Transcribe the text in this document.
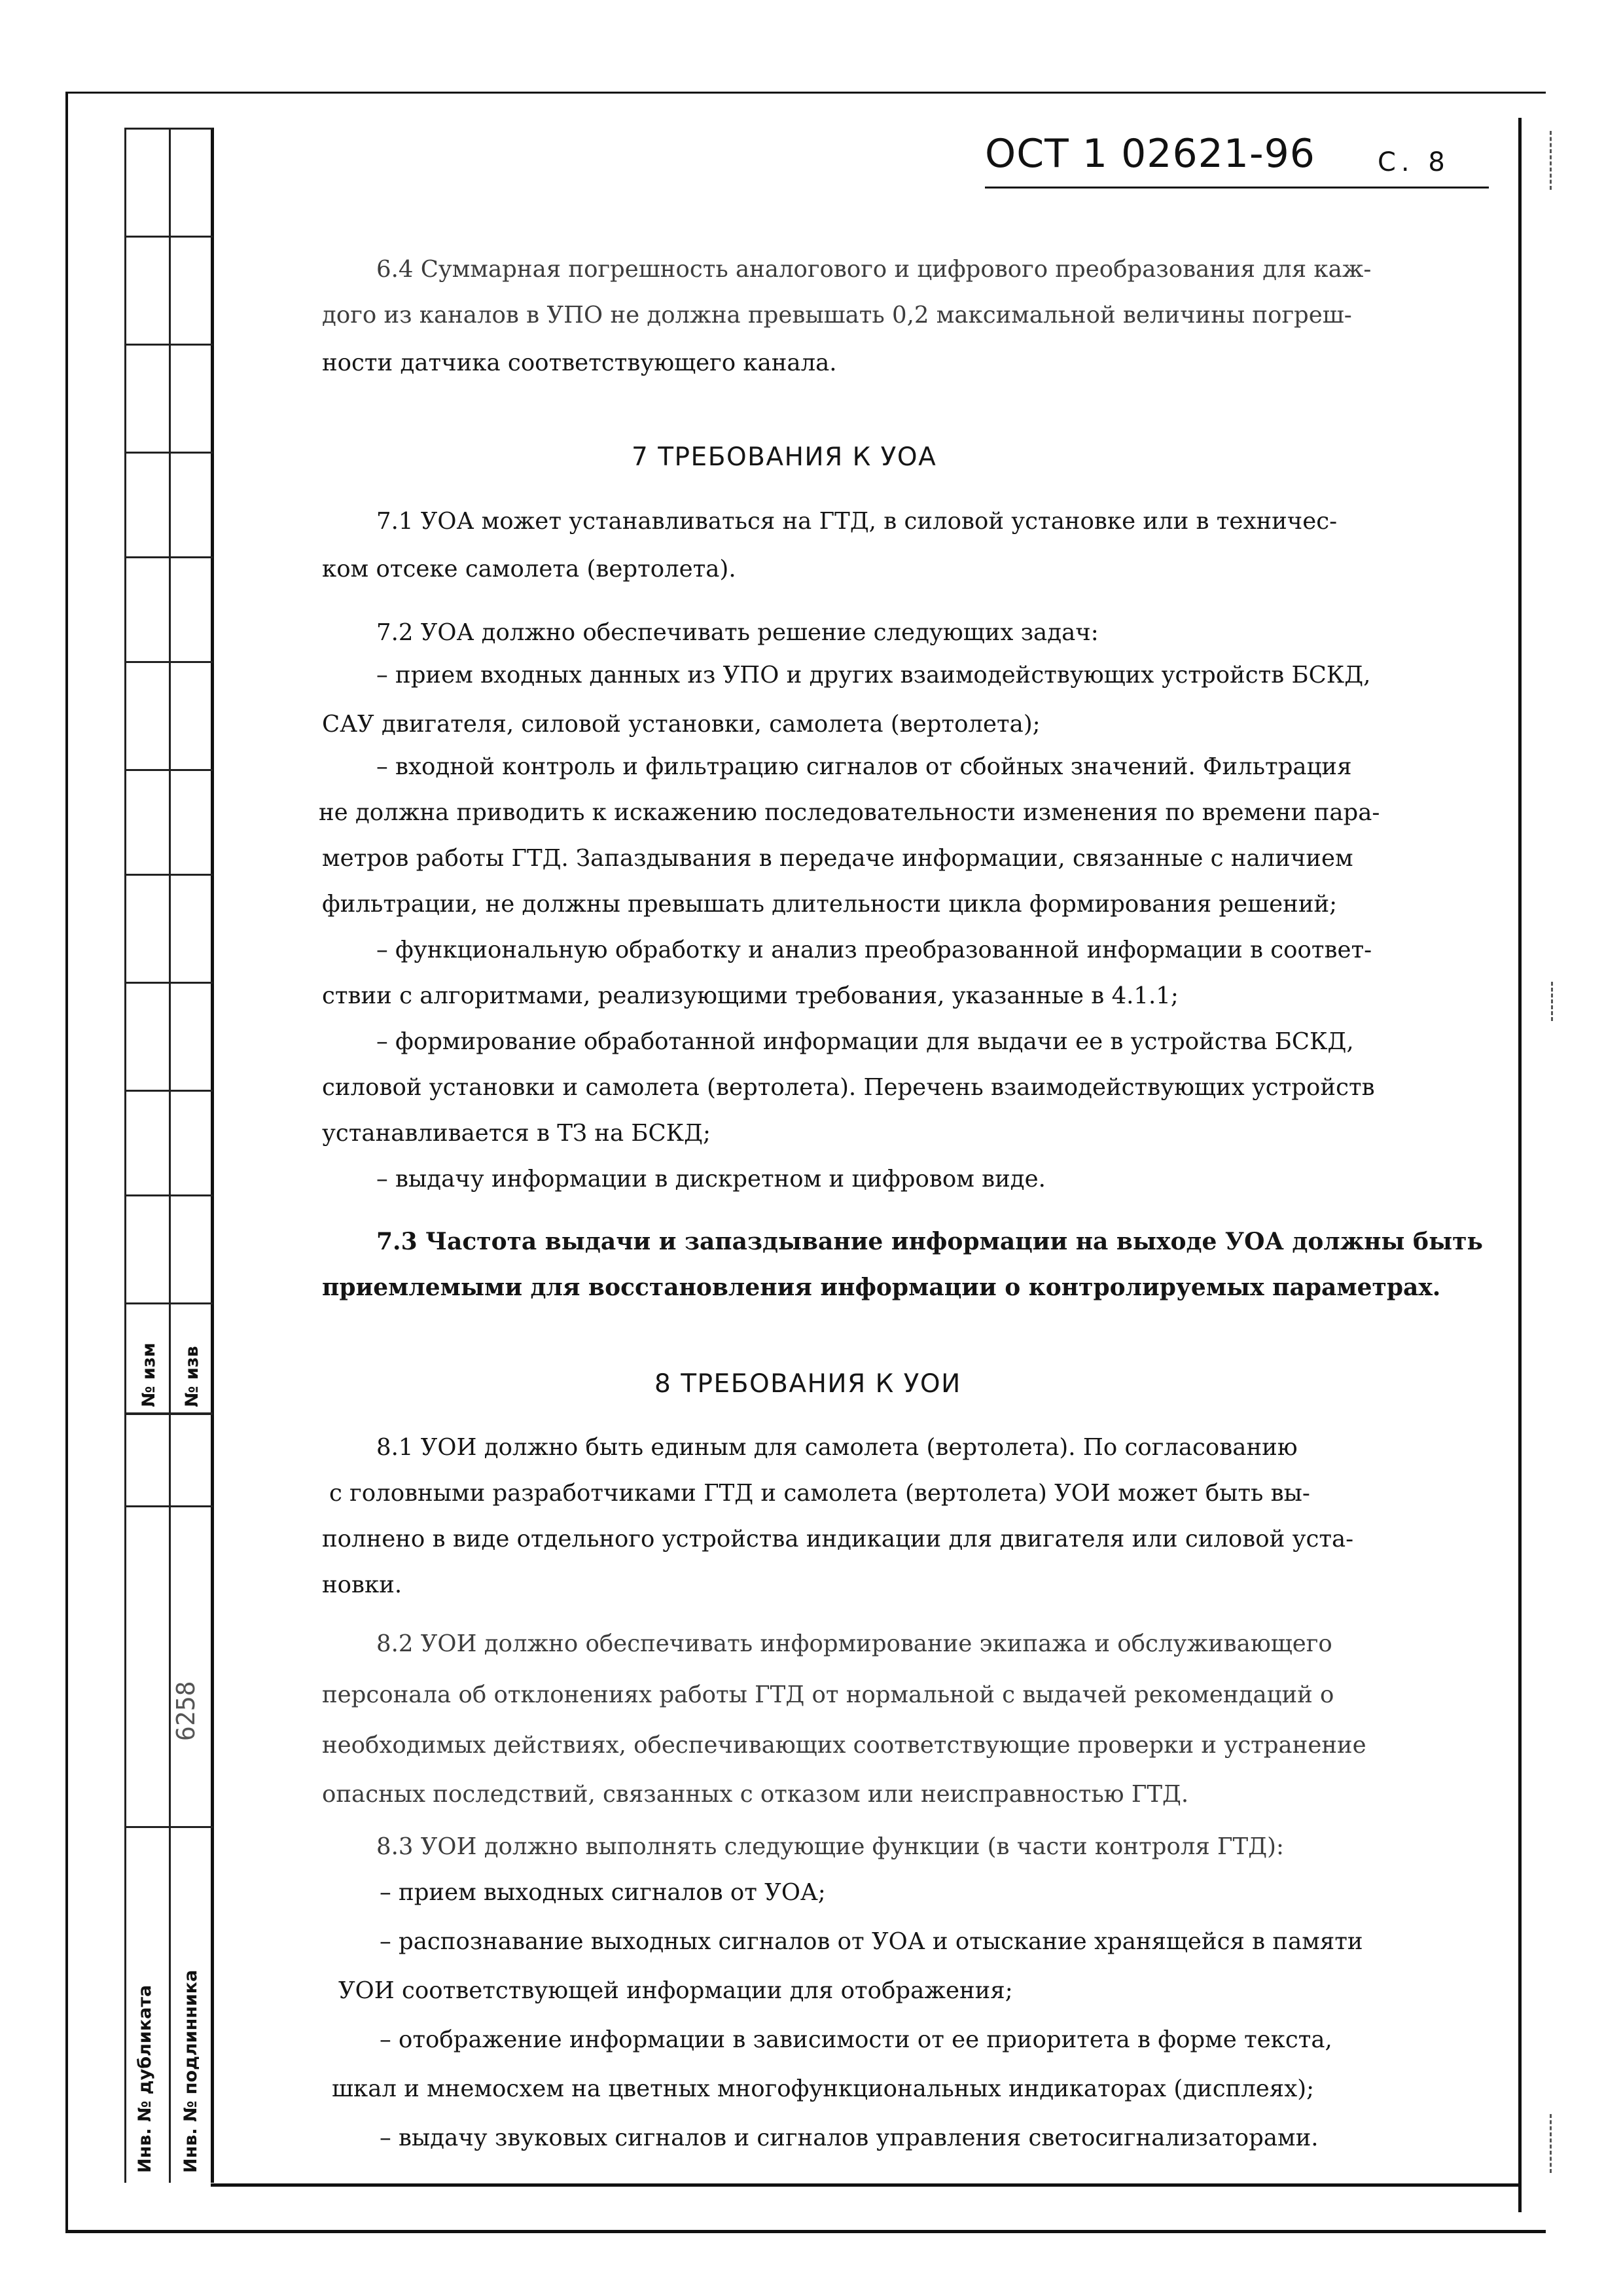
№ изм № изв
6258
Инв. № дубликата Инв. № подлинника
ОСТ 1 02621-96 С. 8
6.4 Суммарная погрешность аналогового и цифрового преобразования для каж-
дого из каналов в УПО не должна превышать 0,2 максимальной величины погреш-
ности датчика соответствующего канала.
7 ТРЕБОВАНИЯ К УОА
7.1 УОА может устанавливаться на ГТД, в силовой установке или в техничес-
ком отсеке самолета (вертолета).
7.2 УОА должно обеспечивать решение следующих задач:
– прием входных данных из УПО и других взаимодействующих устройств БСКД,
САУ двигателя, силовой установки, самолета (вертолета);
– входной контроль и фильтрацию сигналов от сбойных значений. Фильтрация
не должна приводить к искажению последовательности изменения по времени пара-
метров работы ГТД. Запаздывания в передаче информации, связанные с наличием
фильтрации, не должны превышать длительности цикла формирования решений;
– функциональную обработку и анализ преобразованной информации в соответ-
ствии с алгоритмами, реализующими требования, указанные в 4.1.1;
– формирование обработанной информации для выдачи ее в устройства БСКД,
силовой установки и самолета (вертолета). Перечень взаимодействующих устройств
устанавливается в ТЗ на БСКД;
– выдачу информации в дискретном и цифровом виде.
7.3 Частота выдачи и запаздывание информации на выходе УОА должны быть
приемлемыми для восстановления информации о контролируемых параметрах.
8 ТРЕБОВАНИЯ К УОИ
8.1 УОИ должно быть единым для самолета (вертолета). По согласованию
с головными разработчиками ГТД и самолета (вертолета) УОИ может быть вы-
полнено в виде отдельного устройства индикации для двигателя или силовой уста-
новки.
8.2 УОИ должно обеспечивать информирование экипажа и обслуживающего
персонала об отклонениях работы ГТД от нормальной с выдачей рекомендаций о
необходимых действиях, обеспечивающих соответствующие проверки и устранение
опасных последствий, связанных с отказом или неисправностью ГТД.
8.3 УОИ должно выполнять следующие функции (в части контроля ГТД):
– прием выходных сигналов от УОА;
– распознавание выходных сигналов от УОА и отыскание хранящейся в памяти
УОИ соответствующей информации для отображения;
– отображение информации в зависимости от ее приоритета в форме текста,
шкал и мнемосхем на цветных многофункциональных индикаторах (дисплеях);
– выдачу звуковых сигналов и сигналов управления светосигнализаторами.
